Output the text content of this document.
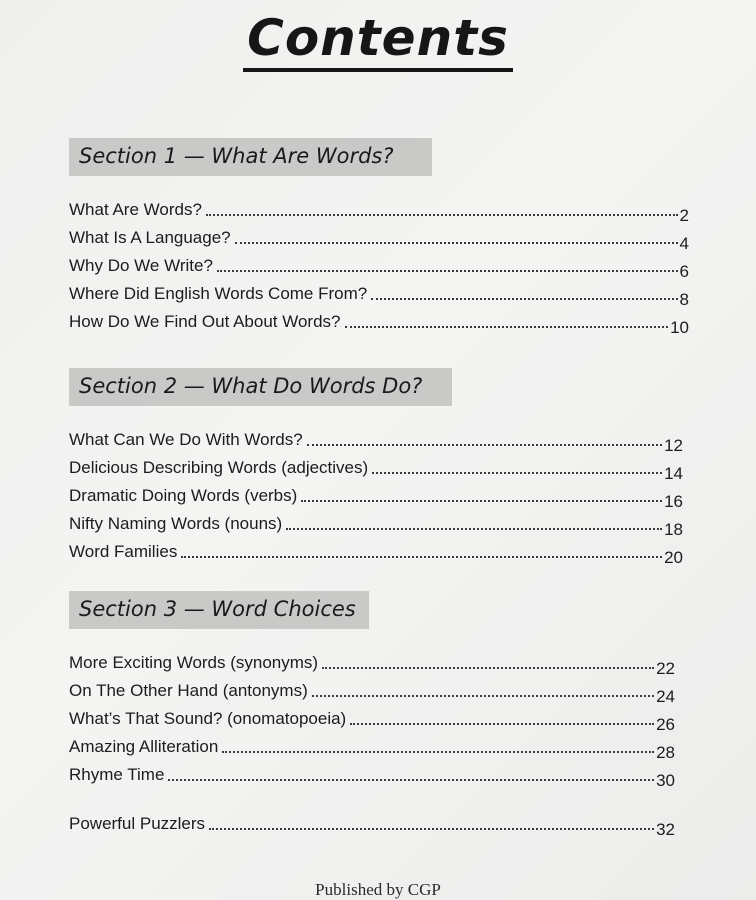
Contents
Section 1 — What Are Words?
What Are Words?	2
What Is A Language?	4
Why Do We Write?	6
Where Did English Words Come From?	8
How Do We Find Out About Words?	10
Section 2 — What Do Words Do?
What Can We Do With Words?	12
Delicious Describing Words (adjectives)	14
Dramatic Doing Words (verbs)	16
Nifty Naming Words (nouns)	18
Word Families	20
Section 3 — Word Choices
More Exciting Words (synonyms)	22
On The Other Hand (antonyms)	24
What’s That Sound? (onomatopoeia)	26
Amazing Alliteration	28
Rhyme Time	30
Powerful Puzzlers	32
Published by CGP
